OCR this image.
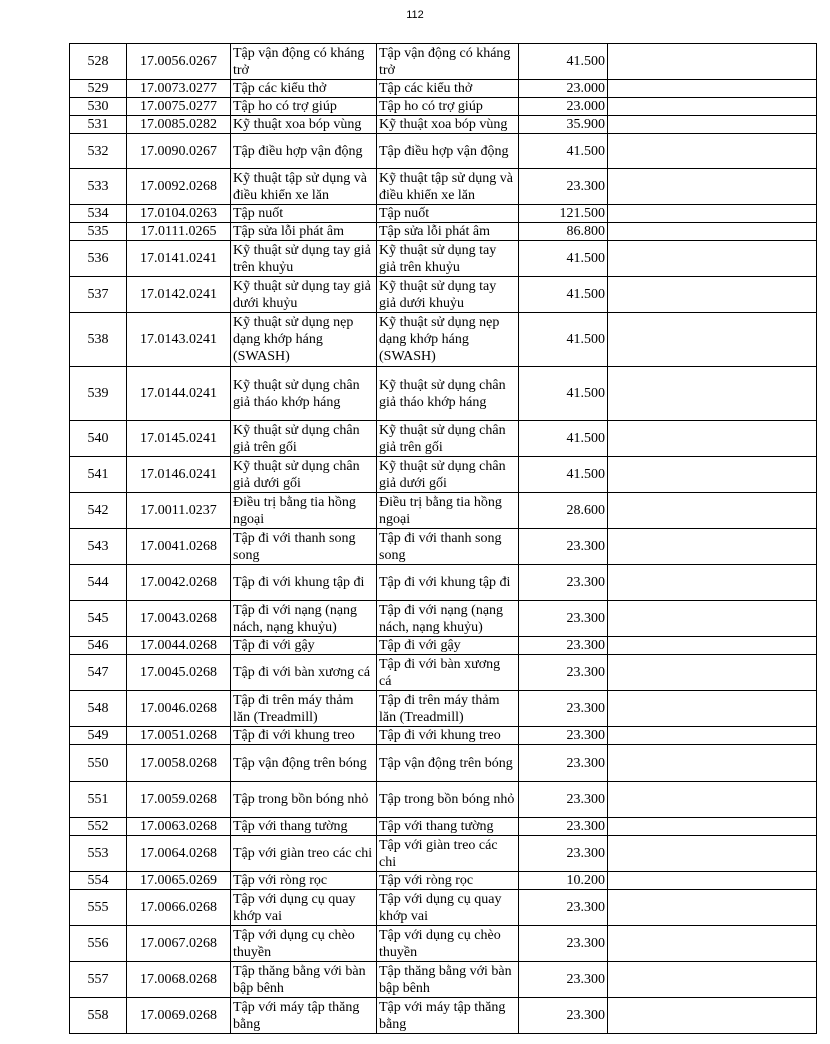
112
528	17.0056.0267	Tập vận động có kháng trở	Tập vận động có kháng trở	41.500	
529	17.0073.0277	Tập các kiểu thở	Tập các kiểu thở	23.000	
530	17.0075.0277	Tập ho có trợ giúp	Tập ho có trợ giúp	23.000	
531	17.0085.0282	Kỹ thuật xoa bóp vùng	Kỹ thuật xoa bóp vùng	35.900	
532	17.0090.0267	Tập điều hợp vận động	Tập điều hợp vận động	41.500	
533	17.0092.0268	Kỹ thuật tập sử dụng và điều khiển xe lăn	Kỹ thuật tập sử dụng và điều khiển xe lăn	23.300	
534	17.0104.0263	Tập nuốt	Tập nuốt	121.500	
535	17.0111.0265	Tập sửa lỗi phát âm	Tập sửa lỗi phát âm	86.800	
536	17.0141.0241	Kỹ thuật sử dụng tay giả trên khuỷu	Kỹ thuật sử dụng tay giả trên khuỷu	41.500	
537	17.0142.0241	Kỹ thuật sử dụng tay giả dưới khuỷu	Kỹ thuật sử dụng tay giả dưới khuỷu	41.500	
538	17.0143.0241	Kỹ thuật sử dụng nẹp dạng khớp háng (SWASH)	Kỹ thuật sử dụng nẹp dạng khớp háng (SWASH)	41.500	
539	17.0144.0241	Kỹ thuật sử dụng chân giả tháo khớp háng	Kỹ thuật sử dụng chân giả tháo khớp háng	41.500	
540	17.0145.0241	Kỹ thuật sử dụng chân giả trên gối	Kỹ thuật sử dụng chân giả trên gối	41.500	
541	17.0146.0241	Kỹ thuật sử dụng chân giả dưới gối	Kỹ thuật sử dụng chân giả dưới gối	41.500	
542	17.0011.0237	Điều trị bằng tia hồng ngoại	Điều trị bằng tia hồng ngoại	28.600	
543	17.0041.0268	Tập đi với thanh song song	Tập đi với thanh song song	23.300	
544	17.0042.0268	Tập đi với khung tập đi	Tập đi với khung tập đi	23.300	
545	17.0043.0268	Tập đi với nạng (nạng nách, nạng khuỷu)	Tập đi với nạng (nạng nách, nạng khuỷu)	23.300	
546	17.0044.0268	Tập đi với gậy	Tập đi với gậy	23.300	
547	17.0045.0268	Tập đi với bàn xương cá	Tập đi với bàn xương cá	23.300	
548	17.0046.0268	Tập đi trên máy thảm lăn (Treadmill)	Tập đi trên máy thảm lăn (Treadmill)	23.300	
549	17.0051.0268	Tập đi với khung treo	Tập đi với khung treo	23.300	
550	17.0058.0268	Tập vận động trên bóng	Tập vận động trên bóng	23.300	
551	17.0059.0268	Tập trong bồn bóng nhỏ	Tập trong bồn bóng nhỏ	23.300	
552	17.0063.0268	Tập với thang tường	Tập với thang tường	23.300	
553	17.0064.0268	Tập với giàn treo các chi	Tập với giàn treo các chi	23.300	
554	17.0065.0269	Tập với ròng rọc	Tập với ròng rọc	10.200	
555	17.0066.0268	Tập với dụng cụ quay khớp vai	Tập với dụng cụ quay khớp vai	23.300	
556	17.0067.0268	Tập với dụng cụ chèo thuyền	Tập với dụng cụ chèo thuyền	23.300	
557	17.0068.0268	Tập thăng bằng với bàn bập bênh	Tập thăng bằng với bàn bập bênh	23.300	
558	17.0069.0268	Tập với máy tập thăng bằng	Tập với máy tập thăng bằng	23.300	
